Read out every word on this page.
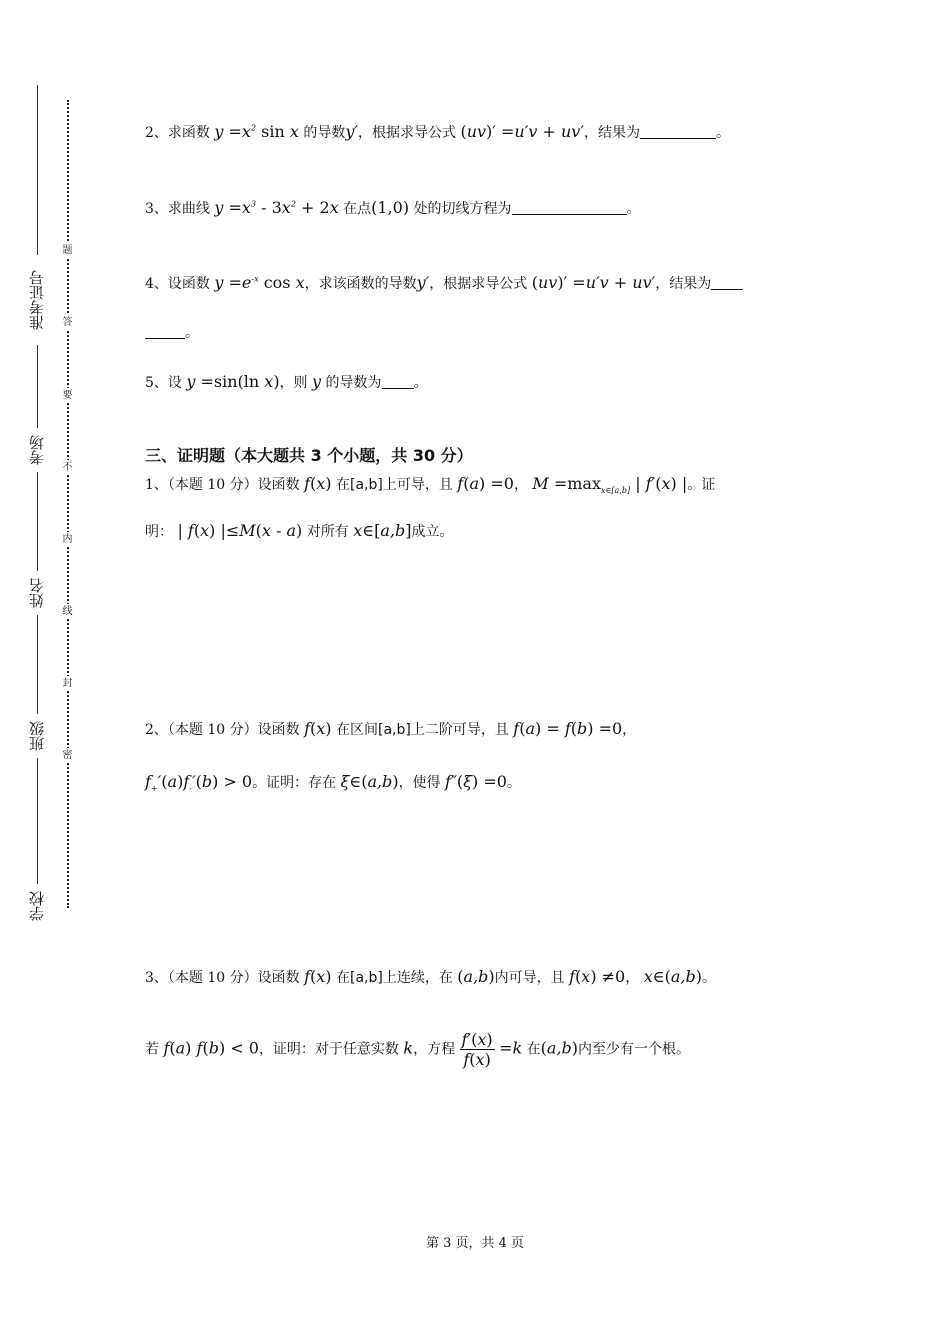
准考证号
考场
姓名
班级
学校
题
答
要
不
内
线
封
密
2、求函数 $y =x^2$ sin x 的导数y′，根据求导公式 (uv)′ =u′v + uv′，结果为	。
3、求曲线 $y =x^3 - 3x^2 + 2x$ 在点(1,0) 处的切线方程为	。
4、设函数 $y =e^{-x}$ cos x，求该函数的导数y′，根据求导公式 (uv)′ =u′v + uv′，结果为
。
5、设 y =sin(ln x)，则 y 的导数为 。
三、证明题（本大题共 3 个小题，共 30 分）
1、（本题 10 分）设函数 f(x) 在[a,b]上可导，且 f(a) =0， $M =\max_{x\in[a,b]}$ | f′(x) |。证
明： | f(x) |≤M(x - a) 对所有 x∈[a,b]成立。
2、（本题 10 分）设函数 f(x) 在区间[a,b]上二阶可导，且 f(a) = f(b) =0，
$f_+'(a)f_-'(b) > 0$。证明：存在 ξ∈(a,b)，使得 f″(ξ) =0。
3、（本题 10 分）设函数 f(x) 在[a,b]上连续，在 (a,b)内可导，且 f(x) ≠0， x∈(a,b)。
若 f(a) f(b) < 0，证明：对于任意实数 k，方程 $\frac{f'(x)}{f(x)} =k$ 在(a,b)内至少有一个根。
第 3 页，共 4 页
